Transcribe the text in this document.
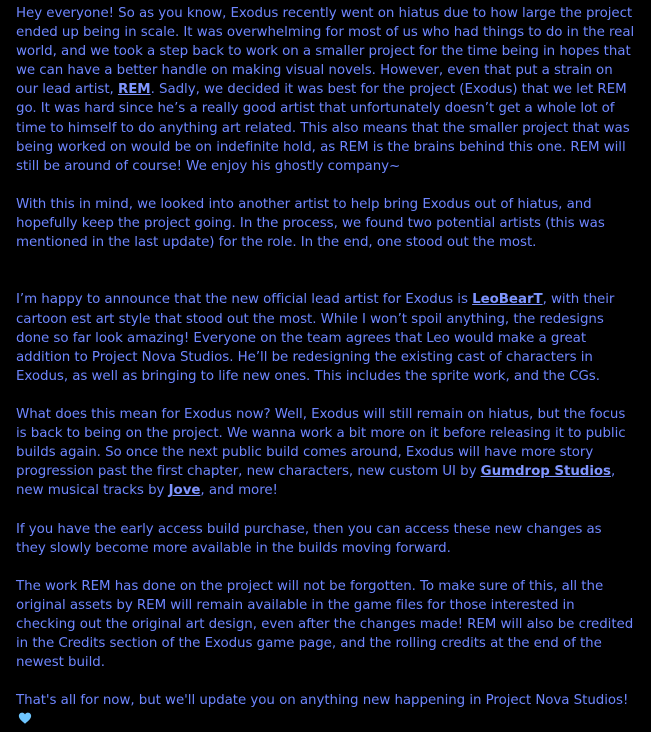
Hey everyone! So as you know, Exodus recently went on hiatus due to how large the project ended up being in scale. It was overwhelming for most of us who had things to do in the real world, and we took a step back to work on a smaller project for the time being in hopes that we can have a better handle on making visual novels. However, even that put a strain on our lead artist, REM. Sadly, we decided it was best for the project (Exodus) that we let REM go. It was hard since he’s a really good artist that unfortunately doesn’t get a whole lot of time to himself to do anything art related. This also means that the smaller project that was being worked on would be on indefinite hold, as REM is the brains behind this one. REM will still be around of course! We enjoy his ghostly company~

With this in mind, we looked into another artist to help bring Exodus out of hiatus, and hopefully keep the project going. In the process, we found two potential artists (this was mentioned in the last update) for the role. In the end, one stood out the most.

I’m happy to announce that the new official lead artist for Exodus is LeoBearT, with their cartoon est art style that stood out the most. While I won’t spoil anything, the redesigns done so far look amazing! Everyone on the team agrees that Leo would make a great addition to Project Nova Studios. He’ll be redesigning the existing cast of characters in Exodus, as well as bringing to life new ones. This includes the sprite work, and the CGs.

What does this mean for Exodus now? Well, Exodus will still remain on hiatus, but the focus is back to being on the project. We wanna work a bit more on it before releasing it to public builds again. So once the next public build comes around, Exodus will have more story progression past the first chapter, new characters, new custom UI by Gumdrop Studios, new musical tracks by Jove, and more!

If you have the early access build purchase, then you can access these new changes as they slowly become more available in the builds moving forward.

The work REM has done on the project will not be forgotten. To make sure of this, all the original assets by REM will remain available in the game files for those interested in checking out the original art design, even after the changes made! REM will also be credited in the Credits section of the Exodus game page, and the rolling credits at the end of the newest build.

That's all for now, but we'll update you on anything new happening in Project Nova Studios!
